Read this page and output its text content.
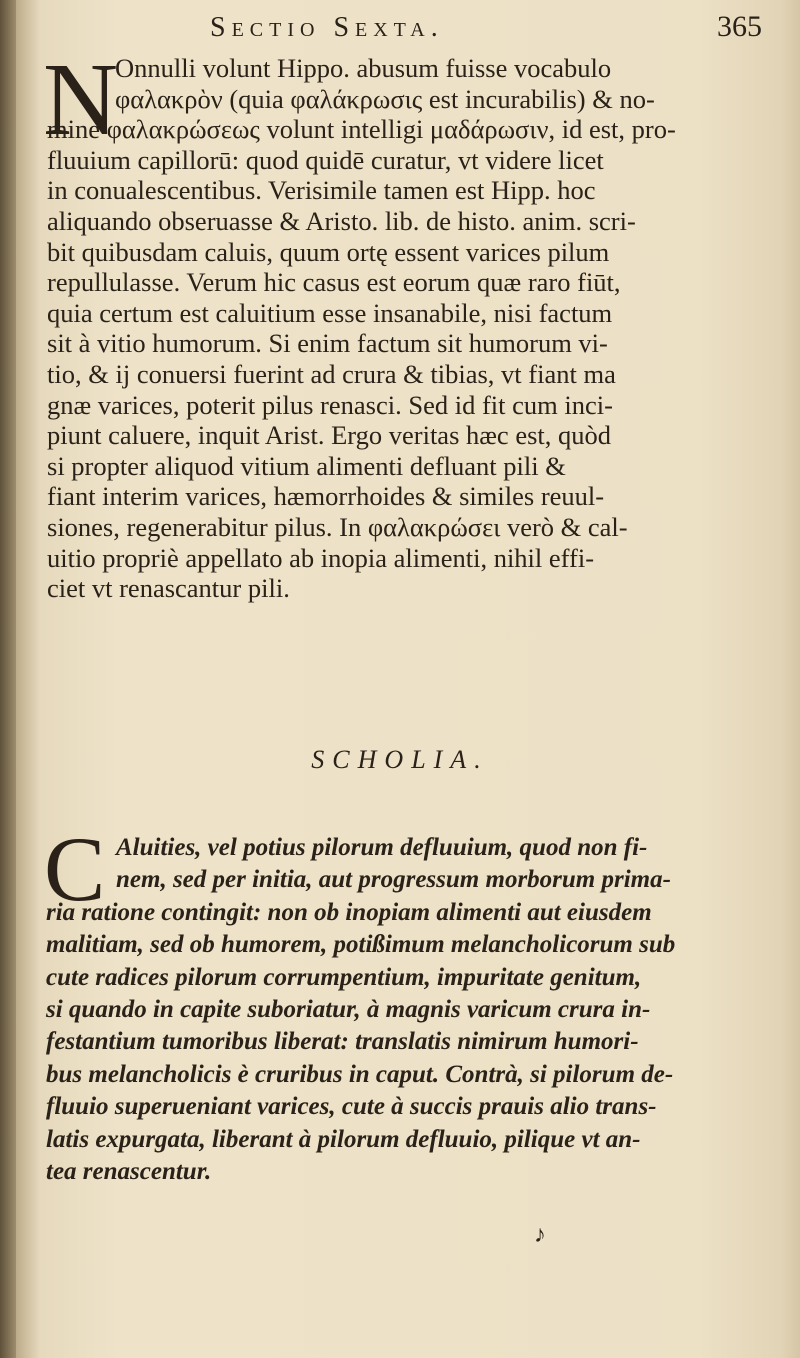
Sectio Sexta.	365
N
Onnulli volunt Hippo. abusum fuisse vocabulo
φαλακρὸν (quia φαλάκρωσις est incurabilis) & no-
mine φαλακρώσεως volunt intelligi μαδάρωσιν, id est, pro-
fluuium capillorū: quod quidē curatur, vt videre licet
in conualescentibus. Verisimile tamen est Hipp. hoc
aliquando obseruasse & Aristo. lib. de histo. anim. scri-
bit quibusdam caluis, quum ortę essent varices pilum
repullulasse. Verum hic casus est eorum quæ raro fiūt,
quia certum est caluitium esse insanabile, nisi factum
sit à vitio humorum. Si enim factum sit humorum vi-
tio, & ij conuersi fuerint ad crura & tibias, vt fiant ma
gnæ varices, poterit pilus renasci. Sed id fit cum inci-
piunt caluere, inquit Arist. Ergo veritas hæc est, quòd
si propter aliquod vitium alimenti defluant pili &
fiant interim varices, hæmorrhoides & similes reuul-
siones, regenerabitur pilus. In φαλακρώσει verò & cal-
uitio propriè appellato ab inopia alimenti, nihil effi-
ciet vt renascantur pili.
SCHOLIA.
C Aluities, vel potius pilorum defluuium, quod non fi-
nem, sed per initia, aut progressum morborum prima-
ria ratione contingit: non ob inopiam alimenti aut eiusdem
malitiam, sed ob humorem, potißimum melancholicorum sub
cute radices pilorum corrumpentium, impuritate genitum,
si quando in capite suboriatur, à magnis varicum crura in-
festantium tumoribus liberat: translatis nimirum humori-
bus melancholicis è cruribus in caput. Contrà, si pilorum de-
fluuio superueniant varices, cute à succis prauis alio trans-
latis expurgata, liberant à pilorum defluuio, pilique vt an-
tea renascentur.
♪
